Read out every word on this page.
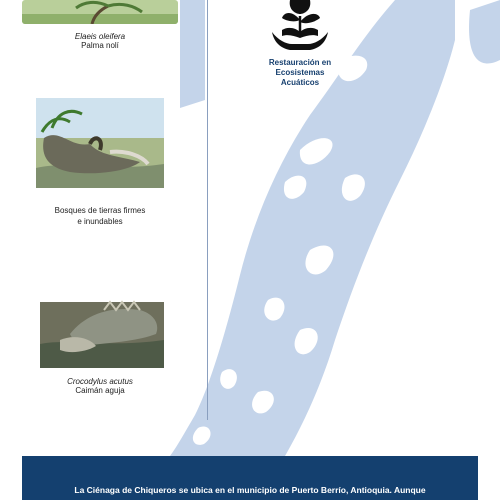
Elaeis oleifera
Palma nolí
Bosques de tierras firmes
e inundables
Crocodylus acutus
Caimán aguja
Restauración en Ecosistemas Acuáticos
La Ciénaga de Chiqueros se ubica en el municipio de Puerto Berrío, Antioquia. Aunque
